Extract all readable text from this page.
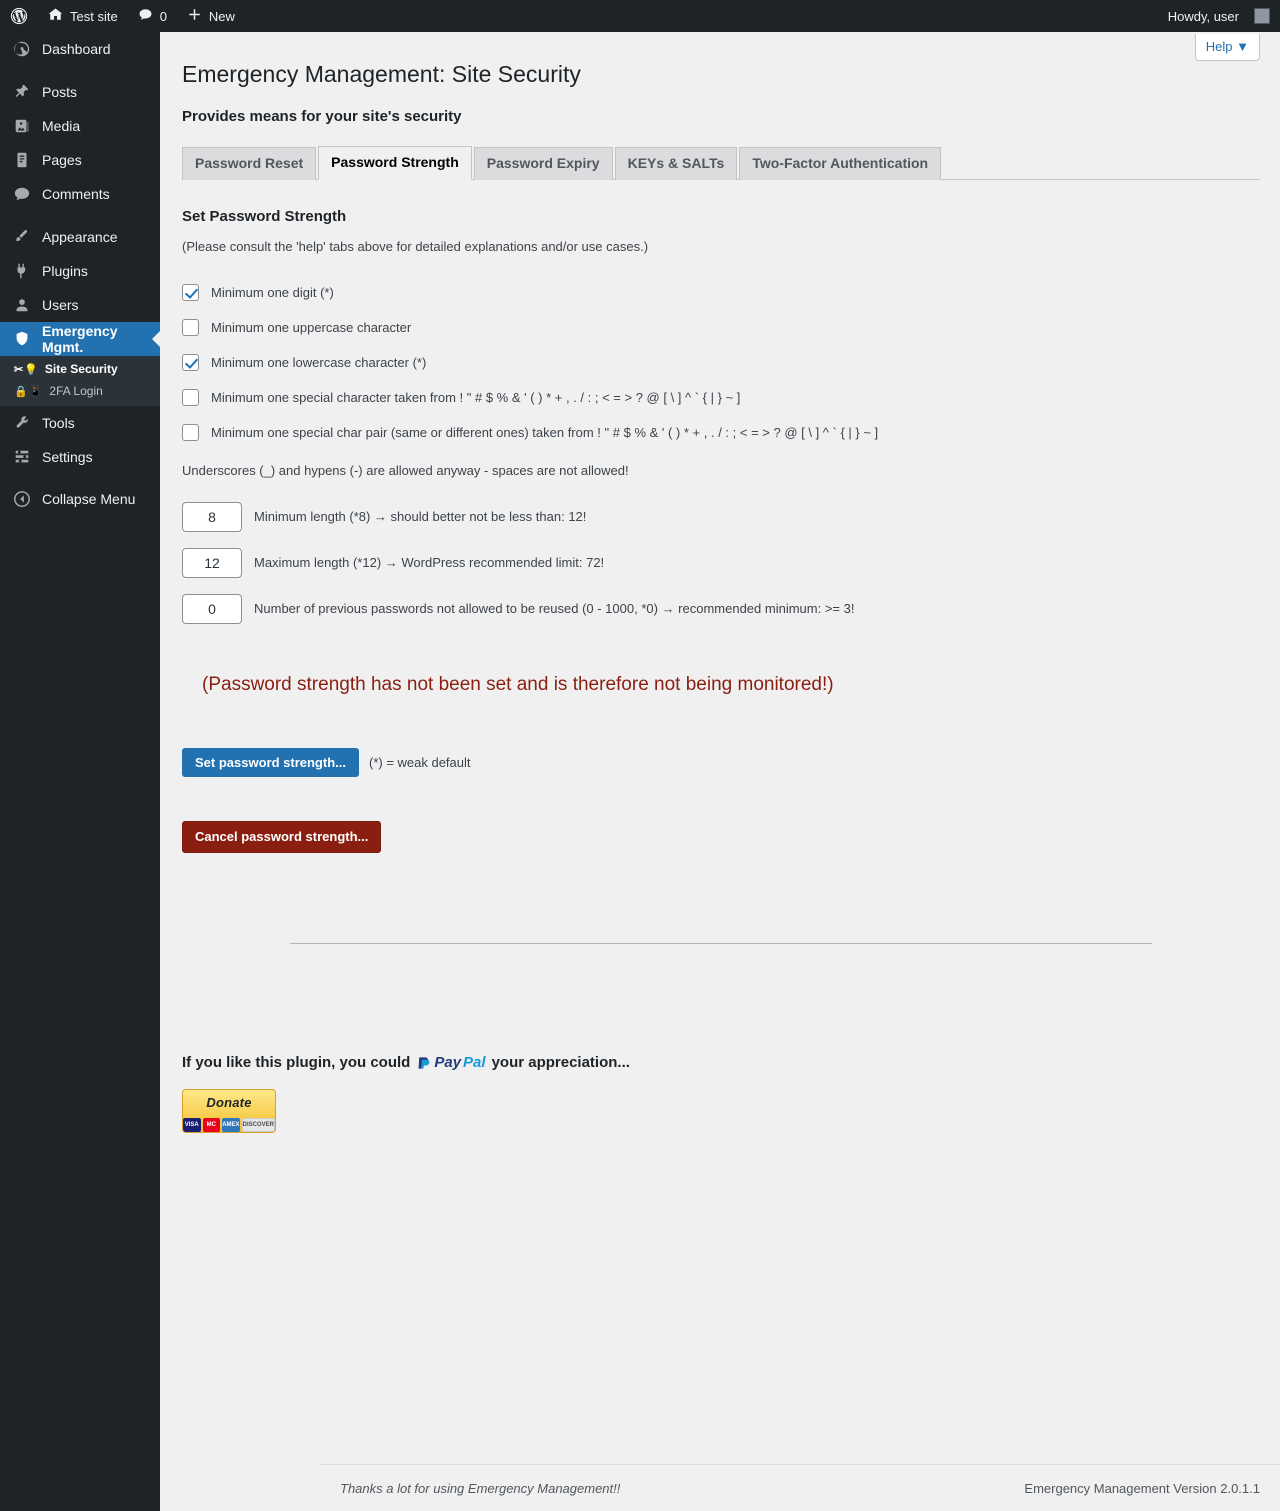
Test site	0	New	Howdy, user
Dashboard
Posts
Media
Pages
Comments
Appearance
Plugins
Users
Emergency Mgmt.
✂💡 Site Security
🔒📱 2FA Login
Tools
Settings
Collapse Menu
Help ▼
Emergency Management: Site Security
Provides means for your site's security
Password Reset	Password Strength	Password Expiry	KEYs & SALTs	Two-Factor Authentication
Set Password Strength

(Please consult the 'help' tabs above for detailed explanations and/or use cases.)

Minimum one digit (*)
Minimum one uppercase character
Minimum one lowercase character (*)
Minimum one special character taken from ! " # $ % & ' ( ) * + , . / : ; < = > ? @ [ \ ] ^ ` { | } ~ ]
Minimum one special char pair (same or different ones) taken from ! " # $ % & ' ( ) * + , . / : ; < = > ? @ [ \ ] ^ ` { | } ~ ]

Underscores (_) and hypens (-) are allowed anyway - spaces are not allowed!

8
Minimum length (*8) → should better not be less than: 12!
12
Maximum length (*12) → WordPress recommended limit: 72!
0
Number of previous passwords not allowed to be reused (0 - 1000, *0) → recommended minimum: >= 3!
(Password strength has not been set and is therefore not being monitored!)
Set password strength...	(*) = weak default
Cancel password strength...
If you like this plugin, you could Pay Pal your appreciation...
Donate
VISA	MC	AMEX DISCOVER
Thanks a lot for using Emergency Management!!	Emergency Management Version 2.0.1.1
